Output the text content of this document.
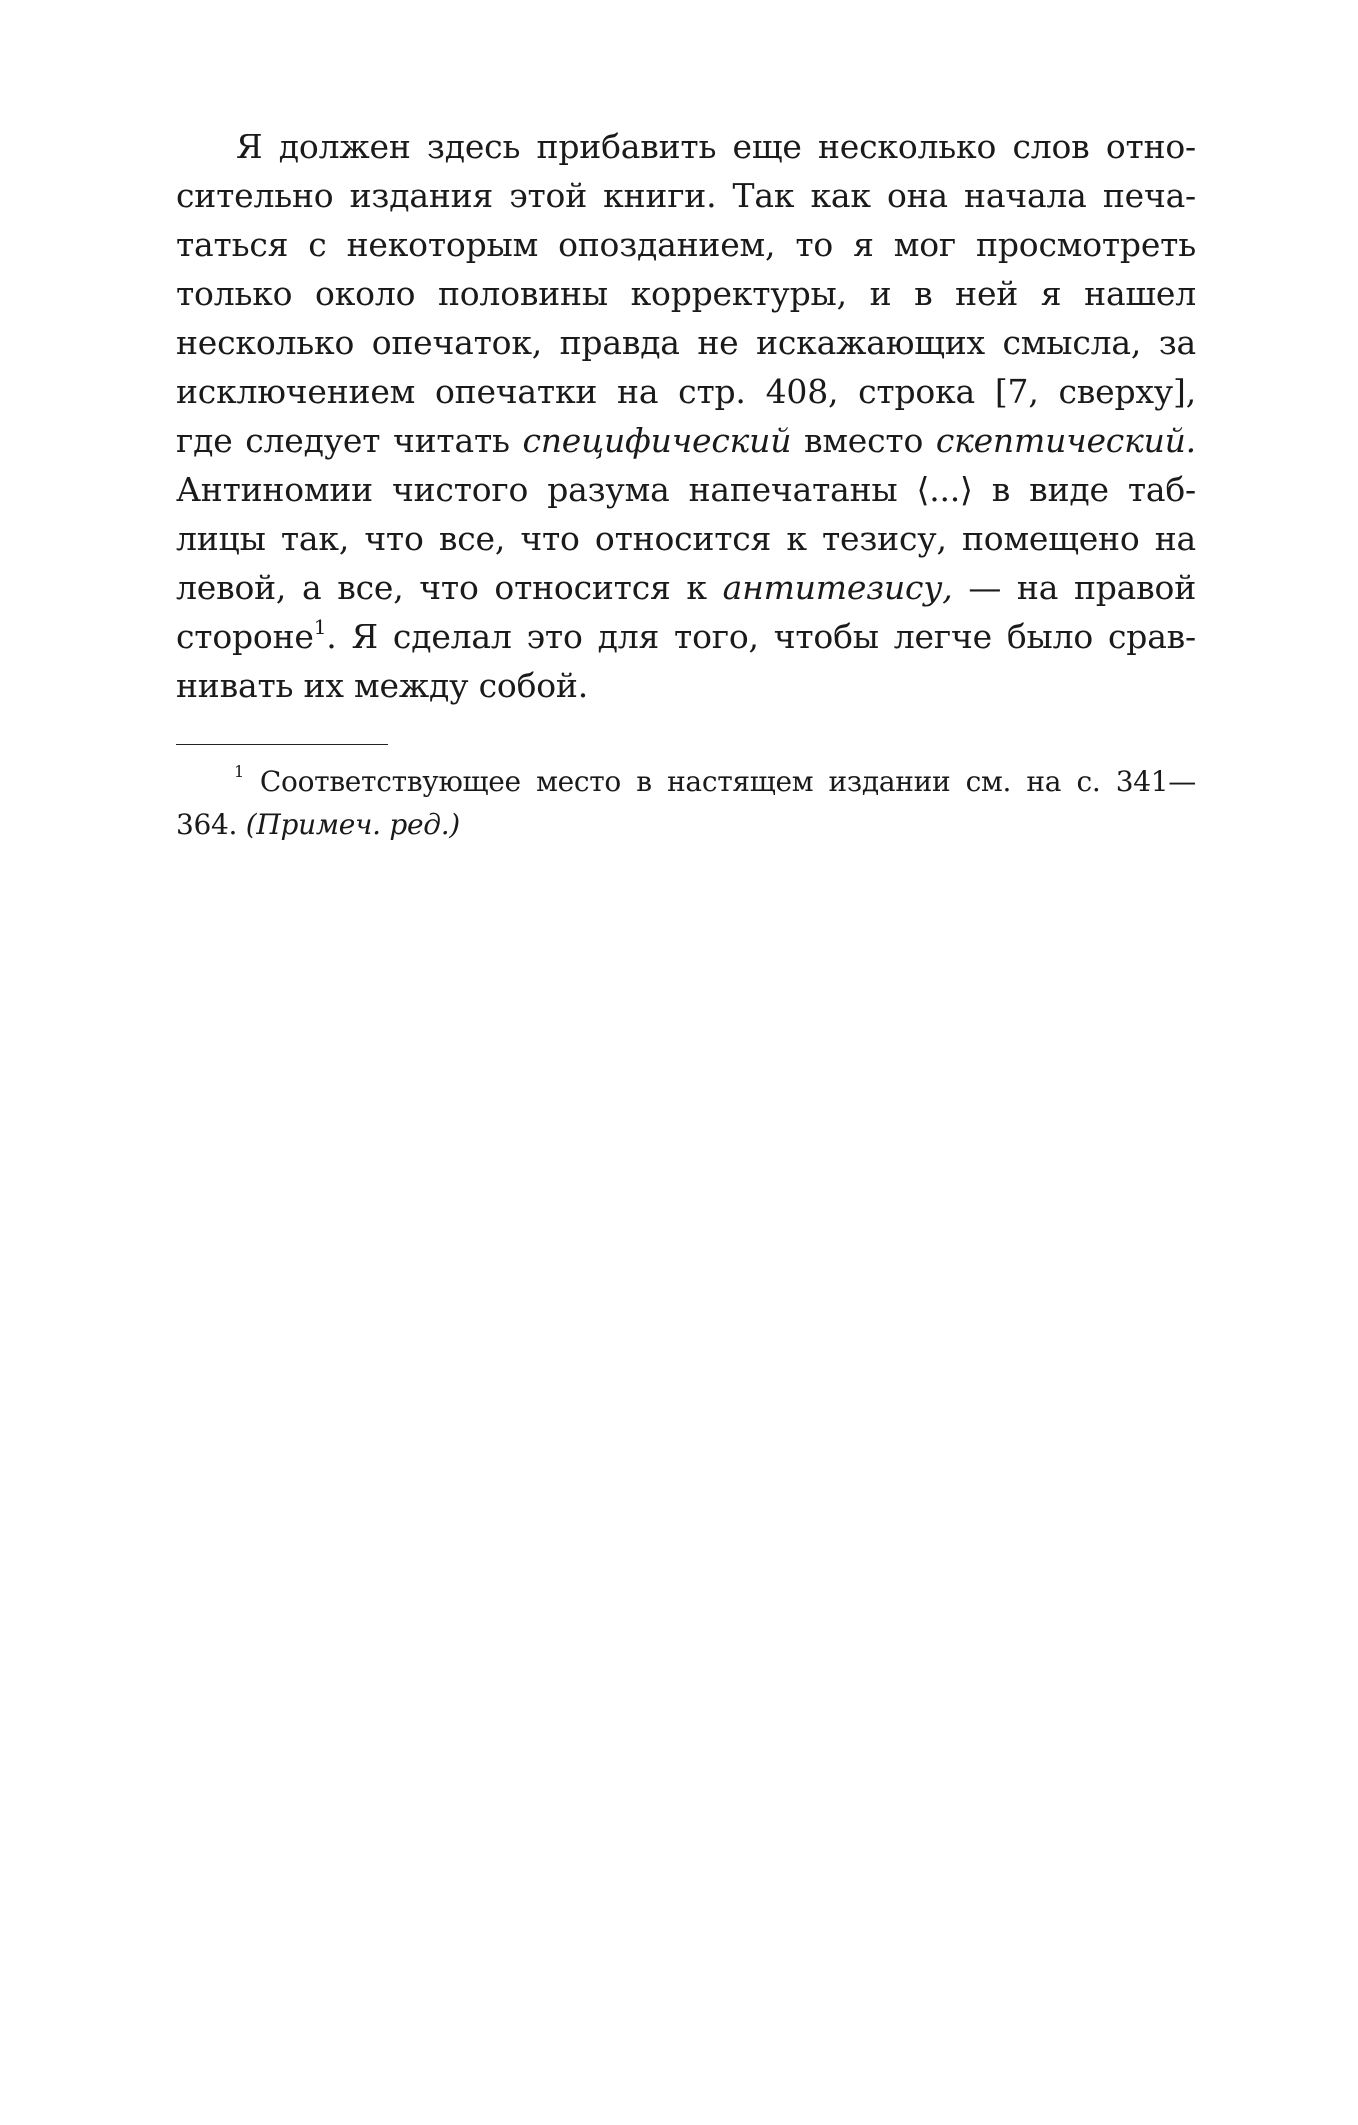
Я должен здесь прибавить еще несколько слов отно-
сительно издания этой книги. Так как она начала печа-
таться с некоторым опозданием, то я мог просмотреть
только около половины корректуры, и в ней я нашел
несколько опечаток, правда не искажающих смысла, за
исключением опечатки на стр. 408, строка [7, сверху],
где следует читать специфический вместо скептический.
Антиномии чистого разума напечатаны ⟨...⟩ в виде таб-
лицы так, что все, что относится к тезису, помещено на
левой, а все, что относится к антитезису, — на правой
стороне$^1$. Я сделал это для того, чтобы легче было срав-
нивать их между собой.
$^1$ Соответствующее место в настящем издании см. на с. 341—
364. (Примеч. ред.)
